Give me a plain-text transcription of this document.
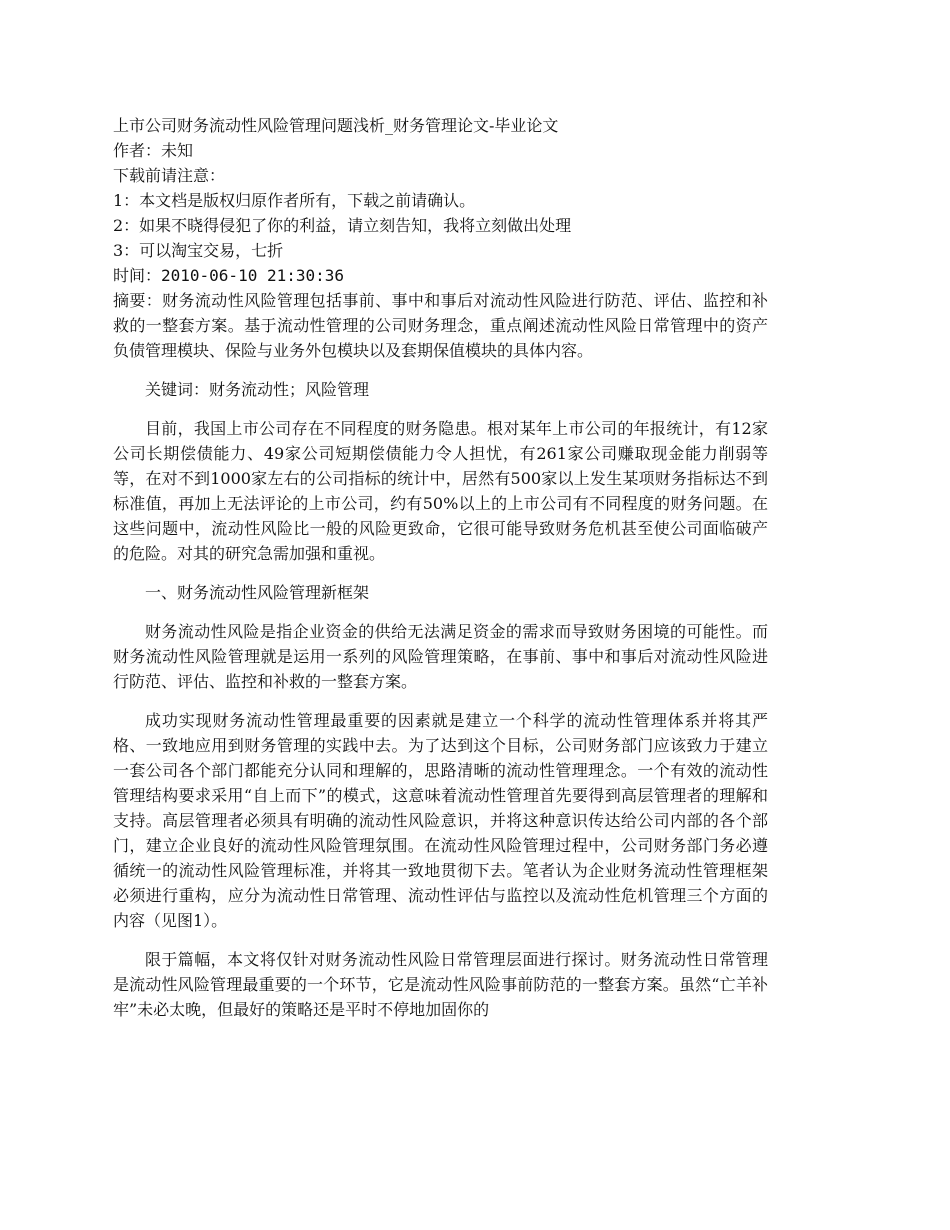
上市公司财务流动性风险管理问题浅析_财务管理论文-毕业论文
作者：未知
下载前请注意：
1：本文档是版权归原作者所有，下载之前请确认。
2：如果不晓得侵犯了你的利益，请立刻告知，我将立刻做出处理
3：可以淘宝交易，七折
时间：2010-06-10 21:30:36

摘要：财务流动性风险管理包括事前、事中和事后对流动性风险进行防范、评估、监控和补救的一整套方案。基于流动性管理的公司财务理念，重点阐述流动性风险日常管理中的资产负债管理模块、保险与业务外包模块以及套期保值模块的具体内容。

关键词：财务流动性；风险管理

目前，我国上市公司存在不同程度的财务隐患。根对某年上市公司的年报统计，有12家公司长期偿债能力、49家公司短期偿债能力令人担忧，有261家公司赚取现金能力削弱等等，在对不到1000家左右的公司指标的统计中，居然有500家以上发生某项财务指标达不到标准值，再加上无法评论的上市公司，约有50%以上的上市公司有不同程度的财务问题。在这些问题中，流动性风险比一般的风险更致命，它很可能导致财务危机甚至使公司面临破产的危险。对其的研究急需加强和重视。

一、财务流动性风险管理新框架

财务流动性风险是指企业资金的供给无法满足资金的需求而导致财务困境的可能性。而财务流动性风险管理就是运用一系列的风险管理策略，在事前、事中和事后对流动性风险进行防范、评估、监控和补救的一整套方案。

成功实现财务流动性管理最重要的因素就是建立一个科学的流动性管理体系并将其严格、一致地应用到财务管理的实践中去。为了达到这个目标，公司财务部门应该致力于建立一套公司各个部门都能充分认同和理解的，思路清晰的流动性管理理念。一个有效的流动性管理结构要求采用“自上而下”的模式，这意味着流动性管理首先要得到高层管理者的理解和支持。高层管理者必须具有明确的流动性风险意识，并将这种意识传达给公司内部的各个部门，建立企业良好的流动性风险管理氛围。在流动性风险管理过程中，公司财务部门务必遵循统一的流动性风险管理标准，并将其一致地贯彻下去。笔者认为企业财务流动性管理框架必须进行重构，应分为流动性日常管理、流动性评估与监控以及流动性危机管理三个方面的内容（见图1）。

限于篇幅，本文将仅针对财务流动性风险日常管理层面进行探讨。财务流动性日常管理是流动性风险管理最重要的一个环节，它是流动性风险事前防范的一整套方案。虽然“亡羊补牢”未必太晚，但最好的策略还是平时不停地加固你的
